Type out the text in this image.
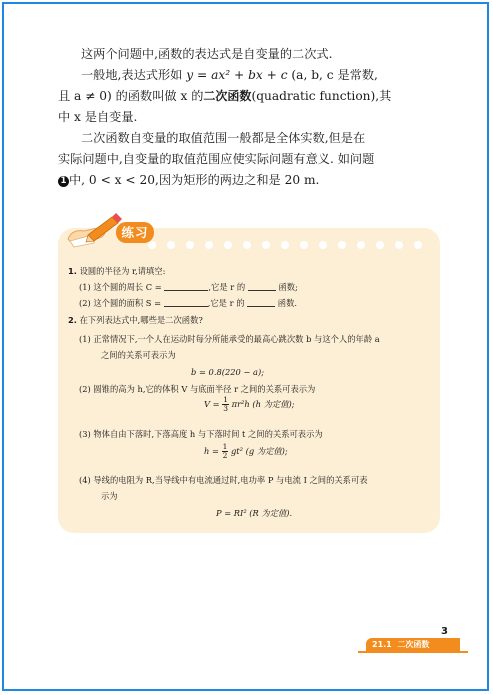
这两个问题中,函数的表达式是自变量的二次式.

一般地,表达式形如 y = ax² + bx + c (a, b, c 是常数,

且 a ≠ 0) 的函数叫做 x 的二次函数(quadratic function),其

中 x 是自变量.

二次函数自变量的取值范围一般都是全体实数,但是在

实际问题中,自变量的取值范围应使实际问题有意义. 如问题

1 中, 0 < x < 20,因为矩形的两边之和是 20 m.

练习
1. 设圆的半径为 r,请填空:
(1) 这个圆的周长 C =	,它是 r 的	函数;
(2) 这个圆的面积 S =	,它是 r 的	函数.
2. 在下列表达式中,哪些是二次函数?
(1) 正常情况下,一个人在运动时每分所能承受的最高心跳次数 b 与这个人的年龄 a
之间的关系可表示为
b = 0.8(220 − a);
(2) 圆锥的高为 h,它的体积 V 与底面半径 r 之间的关系可表示为
$V = \frac{1}{3} \pi r^2h$ (h 为定值);
(3) 物体自由下落时,下落高度 h 与下落时间 t 之间的关系可表示为
$h = \frac{1}{2} gt^2$ (g 为定值);
(4) 导线的电阻为 R,当导线中有电流通过时,电功率 P 与电流 I 之间的关系可表
示为
P = RI² (R 为定值).
3
21.1 二次函数
